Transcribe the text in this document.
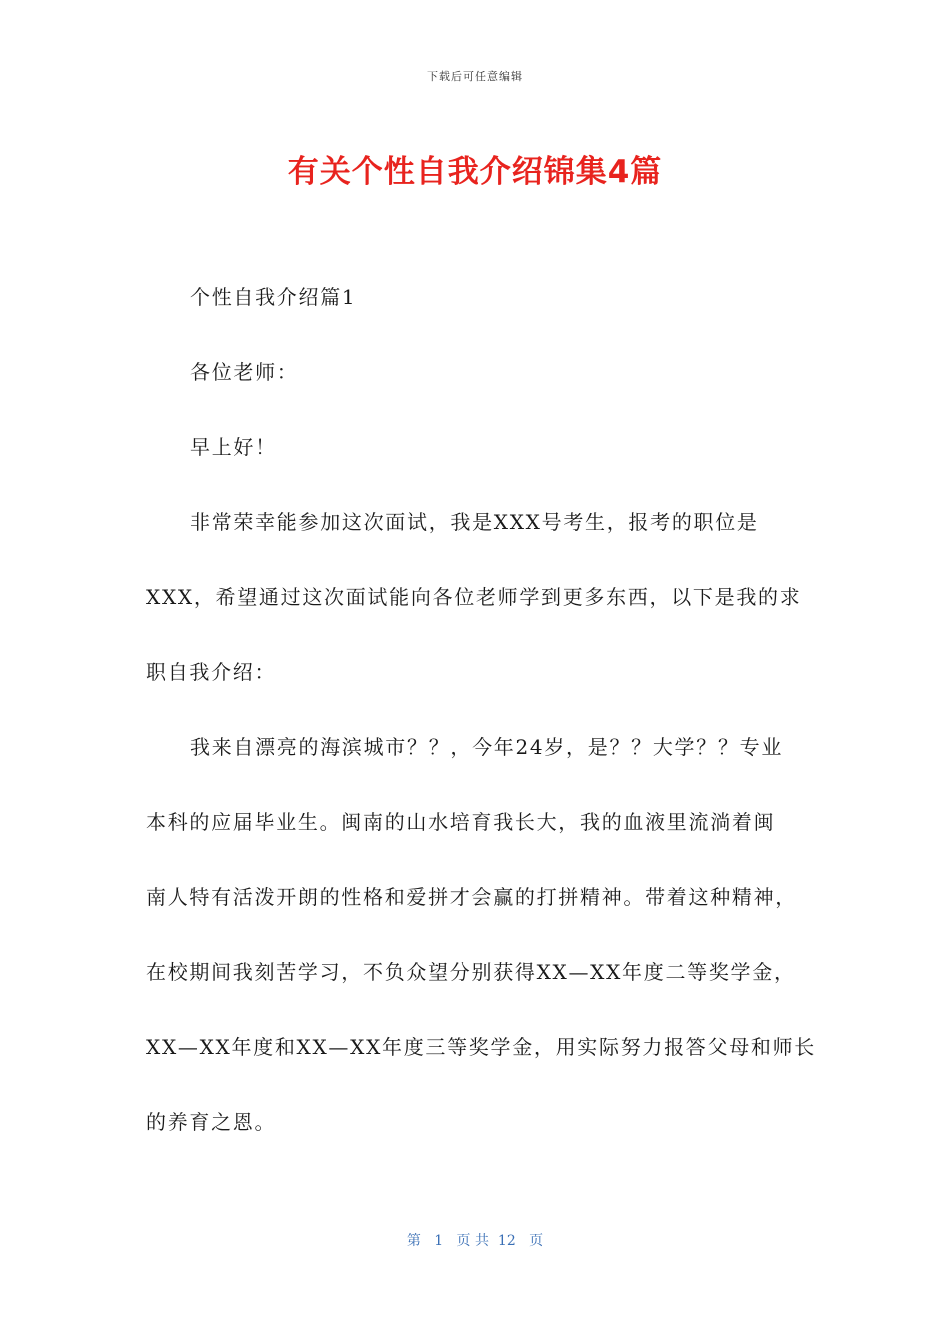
下载后可任意编辑
有关个性自我介绍锦集4篇
个性自我介绍篇1
各位老师：
早上好！
非常荣幸能参加这次面试，我是XXX号考生，报考的职位是
XXX，希望通过这次面试能向各位老师学到更多东西，以下是我的求
职自我介绍：
我来自漂亮的海滨城市？？，今年24岁，是？？大学？？专业
本科的应届毕业生。闽南的山水培育我长大，我的血液里流淌着闽
南人特有活泼开朗的性格和爱拼才会赢的打拼精神。带着这种精神，
在校期间我刻苦学习，不负众望分别获得XX—XX年度二等奖学金，
XX—XX年度和XX—XX年度三等奖学金，用实际努力报答父母和师长
的养育之恩。
第 1 页 共 12 页
